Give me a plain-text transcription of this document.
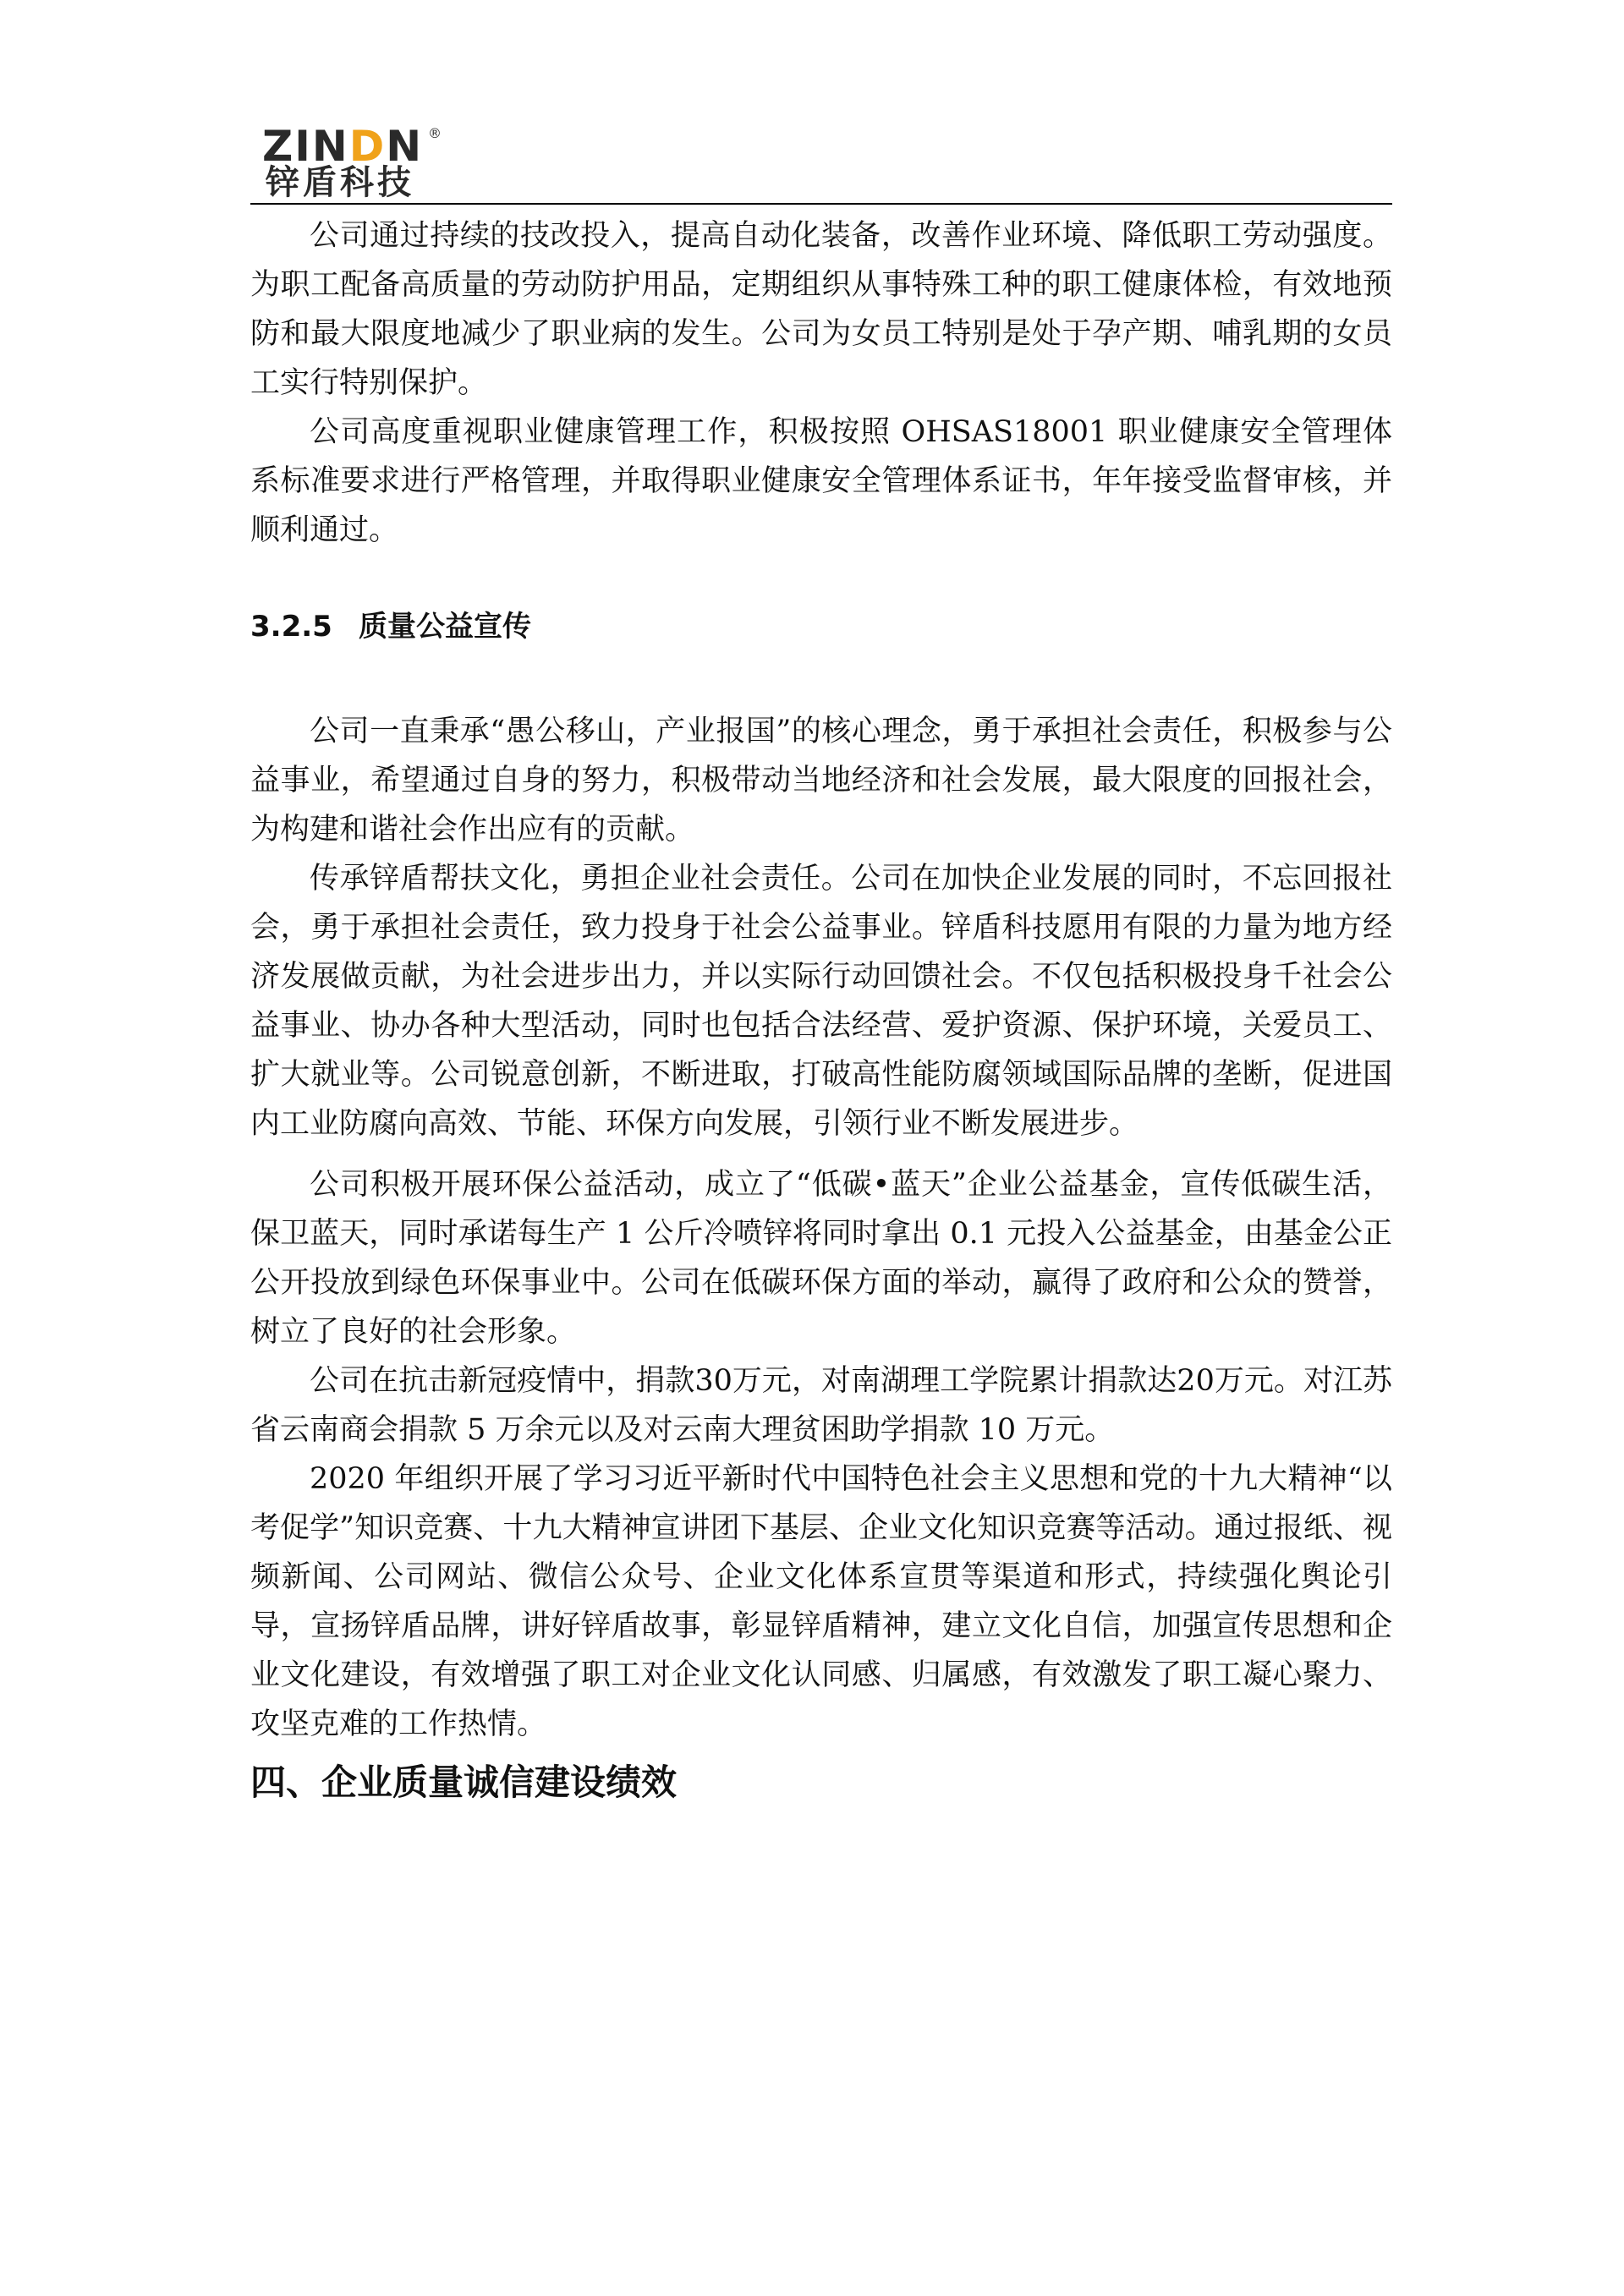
ZINDN ®
锌盾科技

公司通过持续的技改投入，提高自动化装备，改善作业环境、降低职工劳动强度。为职工配备高质量的劳动防护用品，定期组织从事特殊工种的职工健康体检，有效地预防和最大限度地减少了职业病的发生。公司为女员工特别是处于孕产期、哺乳期的女员工实行特别保护。

公司高度重视职业健康管理工作，积极按照 OHSAS18001 职业健康安全管理体系标准要求进行严格管理，并取得职业健康安全管理体系证书，年年接受监督审核，并顺利通过。

3.2.5 质量公益宣传

公司一直秉承“愚公移山，产业报国”的核心理念，勇于承担社会责任，积极参与公益事业，希望通过自身的努力，积极带动当地经济和社会发展，最大限度的回报社会，为构建和谐社会作出应有的贡献。

传承锌盾帮扶文化，勇担企业社会责任。公司在加快企业发展的同时，不忘回报社会，勇于承担社会责任，致力投身于社会公益事业。锌盾科技愿用有限的力量为地方经济发展做贡献，为社会进步出力，并以实际行动回馈社会。不仅包括积极投身千社会公益事业、协办各种大型活动，同时也包括合法经营、爱护资源、保护环境，关爱员工、扩大就业等。公司锐意创新，不断进取，打破高性能防腐领域国际品牌的垄断，促进国内工业防腐向高效、节能、环保方向发展，引领行业不断发展进步。

公司积极开展环保公益活动，成立了“低碳•蓝天”企业公益基金，宣传低碳生活，保卫蓝天，同时承诺每生产 1 公斤冷喷锌将同时拿出 0.1 元投入公益基金，由基金公正公开投放到绿色环保事业中。公司在低碳环保方面的举动，赢得了政府和公众的赞誉，树立了良好的社会形象。

公司在抗击新冠疫情中，捐款30万元，对南湖理工学院累计捐款达20万元。对江苏省云南商会捐款 5 万余元以及对云南大理贫困助学捐款 10 万元。

2020 年组织开展了学习习近平新时代中国特色社会主义思想和党的十九大精神“以考促学”知识竞赛、十九大精神宣讲团下基层、企业文化知识竞赛等活动。通过报纸、视频新闻、公司网站、微信公众号、企业文化体系宣贯等渠道和形式，持续强化舆论引导，宣扬锌盾品牌，讲好锌盾故事，彰显锌盾精神，建立文化自信，加强宣传思想和企业文化建设，有效增强了职工对企业文化认同感、归属感，有效激发了职工凝心聚力、攻坚克难的工作热情。

四、企业质量诚信建设绩效
